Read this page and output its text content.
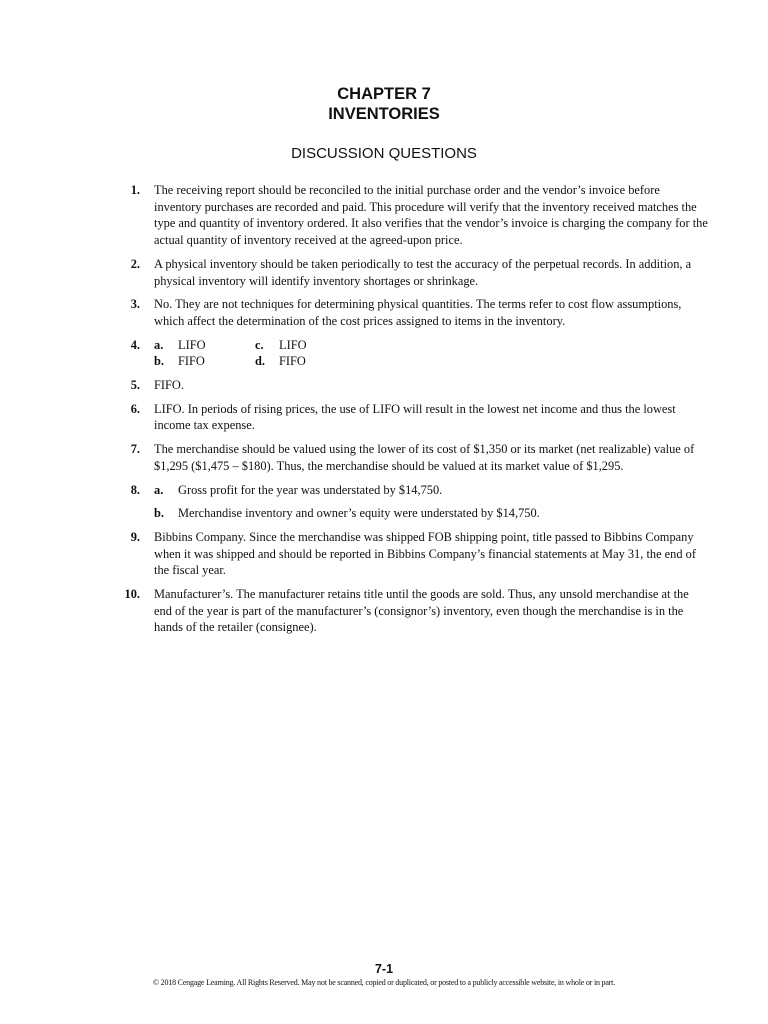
CHAPTER 7
INVENTORIES
DISCUSSION QUESTIONS
1. The receiving report should be reconciled to the initial purchase order and the vendor’s invoice before inventory purchases are recorded and paid. This procedure will verify that the inventory received matches the type and quantity of inventory ordered. It also verifies that the vendor’s invoice is charging the company for the actual quantity of inventory received at the agreed-upon price.
2. A physical inventory should be taken periodically to test the accuracy of the perpetual records. In addition, a physical inventory will identify inventory shortages or shrinkage.
3. No. They are not techniques for determining physical quantities. The terms refer to cost flow assumptions, which affect the determination of the cost prices assigned to items in the inventory.
4. a. LIFO	c. LIFO
b. FIFO	d. FIFO
5. FIFO.
6. LIFO. In periods of rising prices, the use of LIFO will result in the lowest net income and thus the lowest income tax expense.
7. The merchandise should be valued using the lower of its cost of $1,350 or its market (net realizable) value of $1,295 ($1,475 – $180). Thus, the merchandise should be valued at its market value of $1,295.
8. a.	Gross profit for the year was understated by $14,750.
b.	Merchandise inventory and owner’s equity were understated by $14,750.
9. Bibbins Company. Since the merchandise was shipped FOB shipping point, title passed to Bibbins Company when it was shipped and should be reported in Bibbins Company’s financial statements at May 31, the end of the fiscal year.
10. Manufacturer’s. The manufacturer retains title until the goods are sold. Thus, any unsold merchandise at the end of the year is part of the manufacturer’s (consignor’s) inventory, even though the merchandise is in the hands of the retailer (consignee).
7-1
© 2018 Cengage Learning. All Rights Reserved. May not be scanned, copied or duplicated, or posted to a publicly accessible website, in whole or in part.
